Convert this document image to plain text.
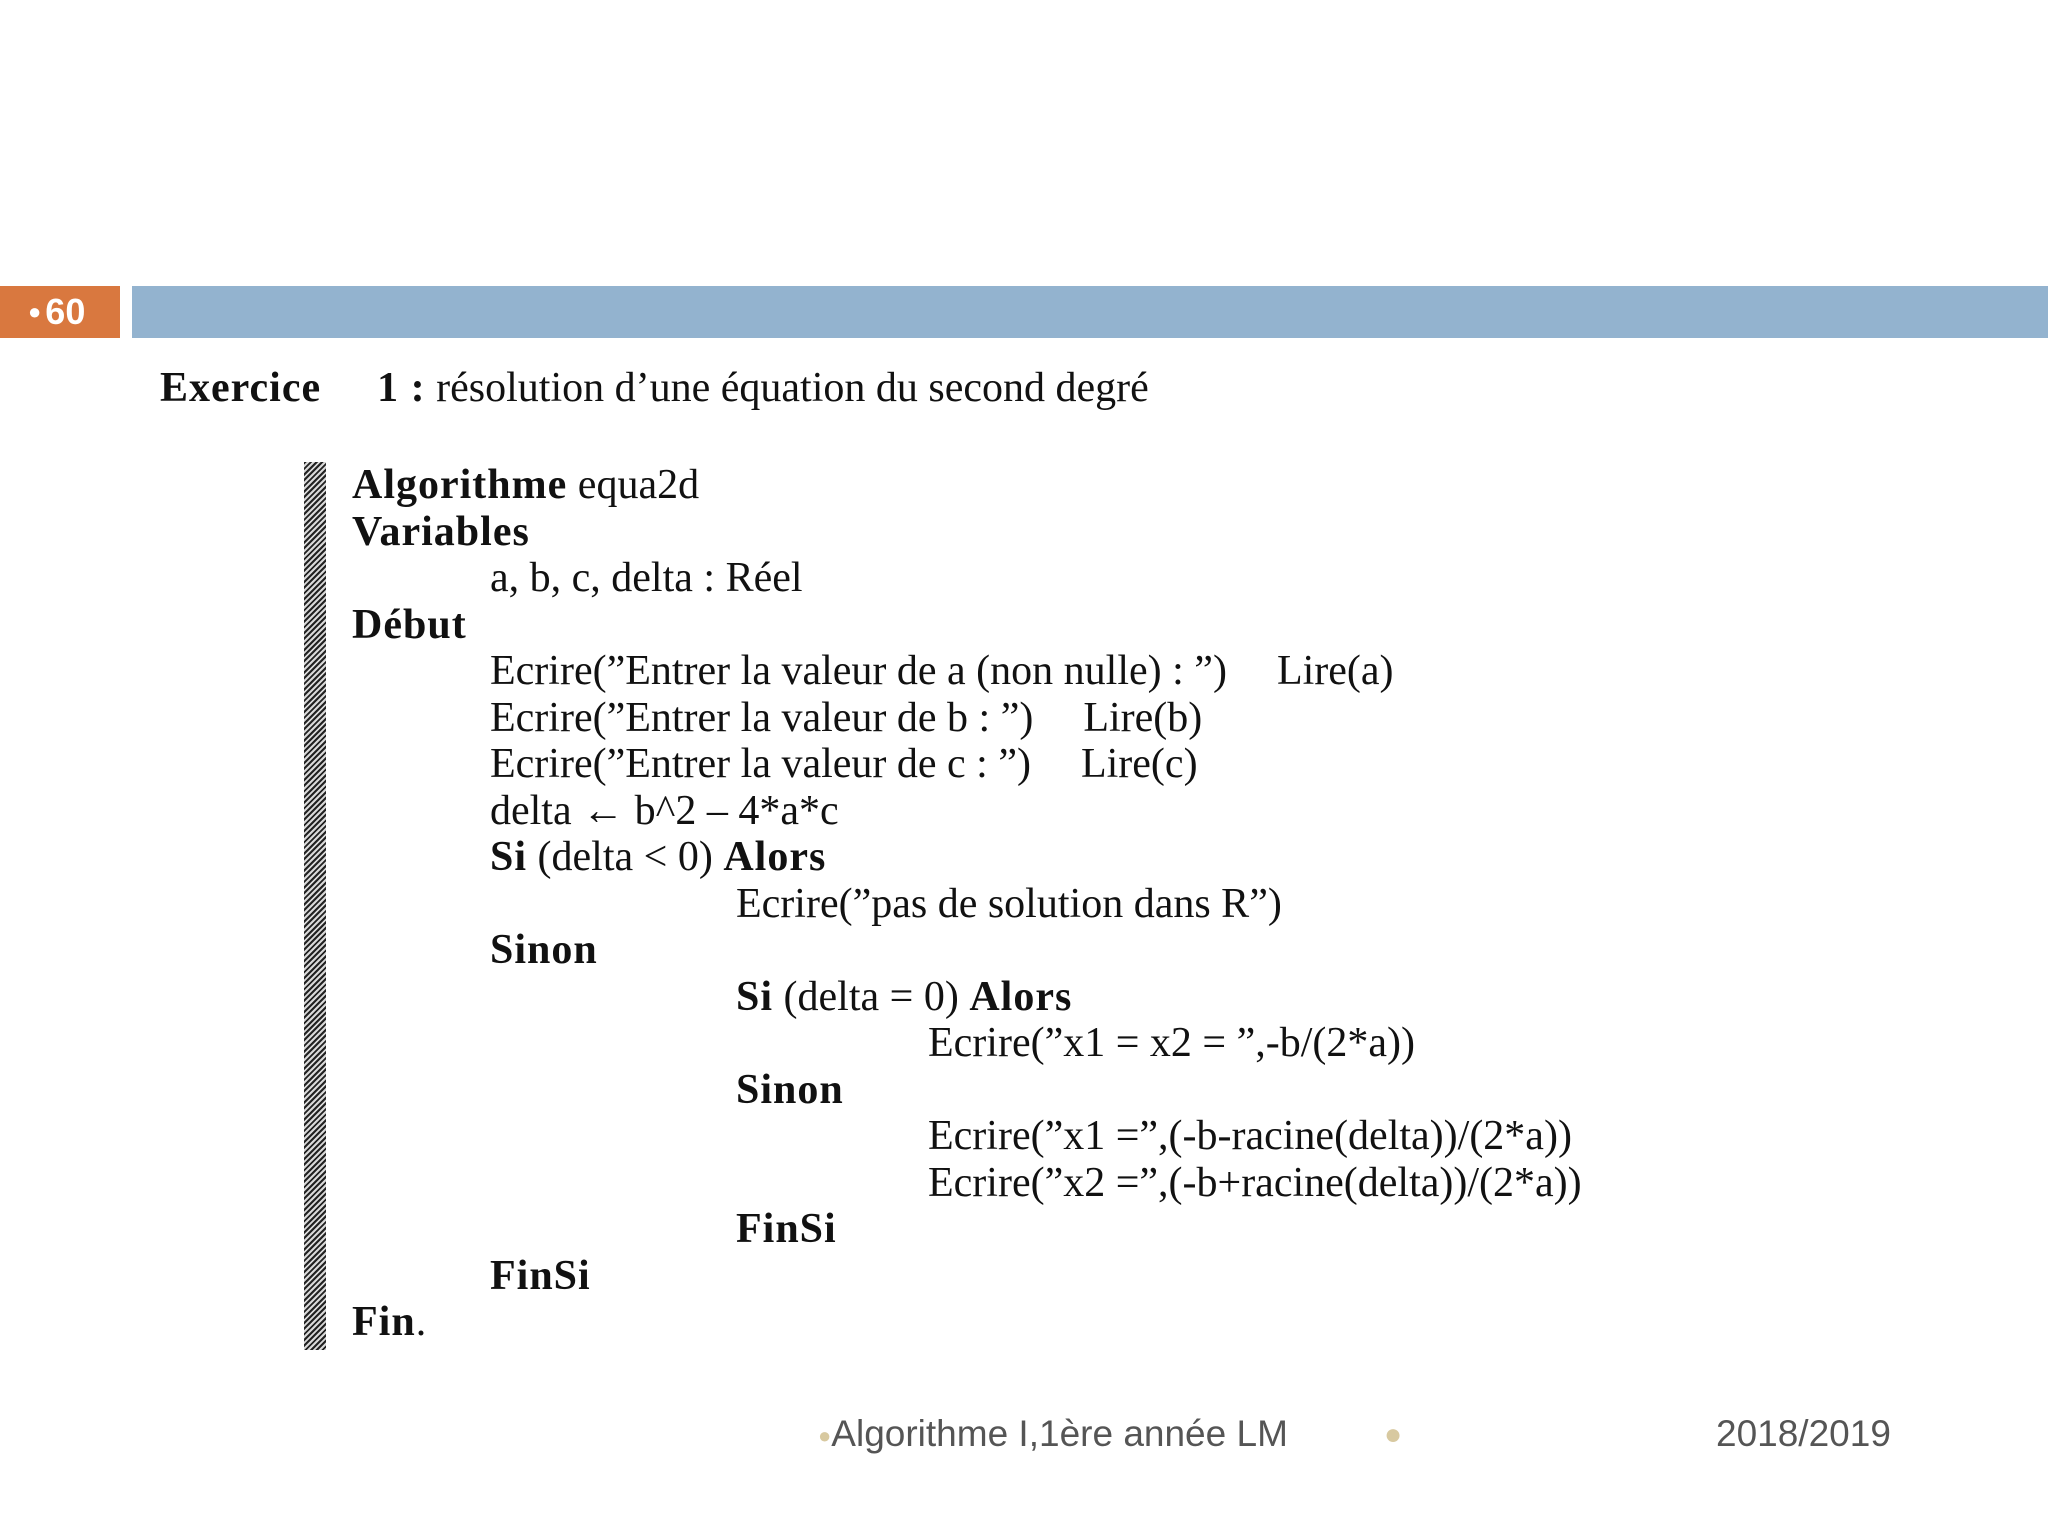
● 60
Exercice 1 : résolution d’une équation du second degré
Algorithme equa2d
Variables
a, b, c, delta : Réel
Début
Ecrire(”Entrer la valeur de a (non nulle) : ”) Lire(a)
Ecrire(”Entrer la valeur de b : ”) Lire(b)
Ecrire(”Entrer la valeur de c : ”) Lire(c)
delta ← b^2 – 4*a*c
Si (delta < 0) Alors
Ecrire(”pas de solution dans R”)
Sinon
Si (delta = 0) Alors
Ecrire(”x1 = x2 = ”,-b/(2*a))
Sinon
Ecrire(”x1 =”,(-b-racine(delta))/(2*a))
Ecrire(”x2 =”,(-b+racine(delta))/(2*a))
FinSi
FinSi
Fin.
●Algorithme I,1ère année LM	●	2018/2019
